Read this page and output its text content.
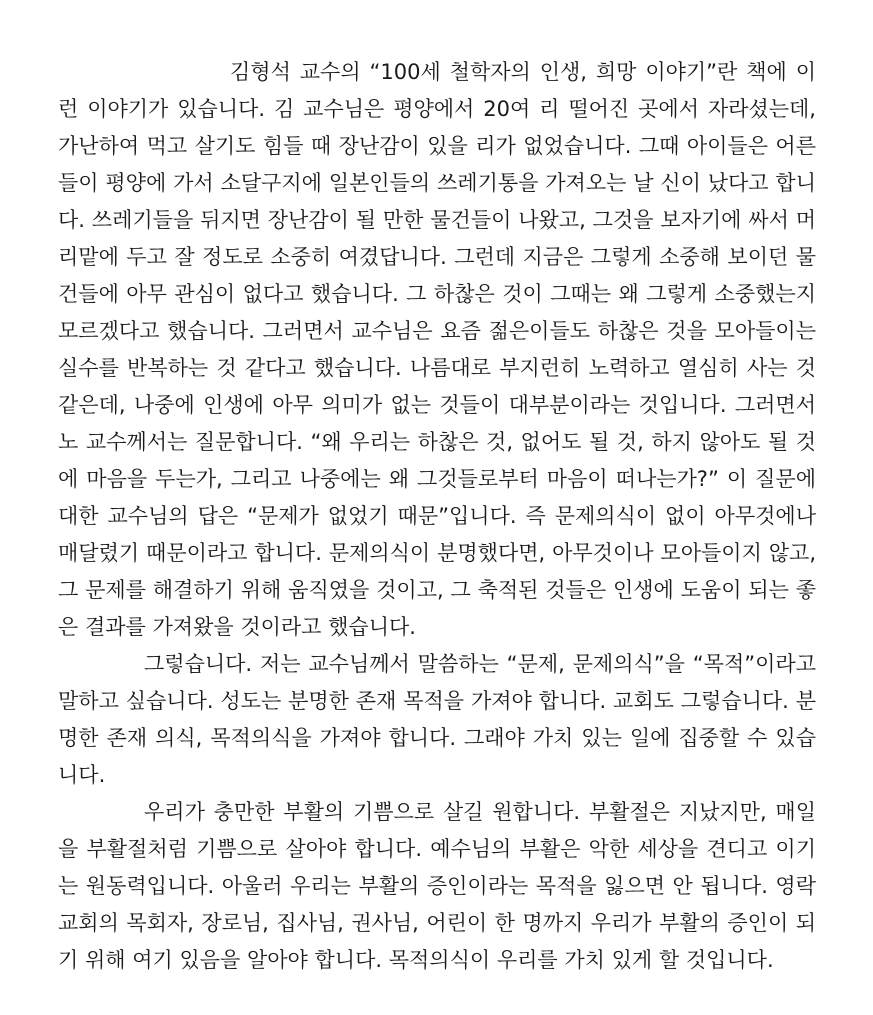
김형석 교수의 “100세 철학자의 인생, 희망 이야기”란 책에 이런 이야기가 있습니다. 김 교수님은 평양에서 20여 리 떨어진 곳에서 자라셨는데, 가난하여 먹고 살기도 힘들 때 장난감이 있을 리가 없었습니다. 그때 아이들은 어른들이 평양에 가서 소달구지에 일본인들의 쓰레기통을 가져오는 날 신이 났다고 합니다. 쓰레기들을 뒤지면 장난감이 될 만한 물건들이 나왔고, 그것을 보자기에 싸서 머리맡에 두고 잘 정도로 소중히 여겼답니다. 그런데 지금은 그렇게 소중해 보이던 물건들에 아무 관심이 없다고 했습니다. 그 하찮은 것이 그때는 왜 그렇게 소중했는지 모르겠다고 했습니다. 그러면서 교수님은 요즘 젊은이들도 하찮은 것을 모아들이는 실수를 반복하는 것 같다고 했습니다. 나름대로 부지런히 노력하고 열심히 사는 것 같은데, 나중에 인생에 아무 의미가 없는 것들이 대부분이라는 것입니다. 그러면서 노 교수께서는 질문합니다. “왜 우리는 하찮은 것, 없어도 될 것, 하지 않아도 될 것에 마음을 두는가, 그리고 나중에는 왜 그것들로부터 마음이 떠나는가?” 이 질문에 대한 교수님의 답은 “문제가 없었기 때문”입니다. 즉 문제의식이 없이 아무것에나 매달렸기 때문이라고 합니다. 문제의식이 분명했다면, 아무것이나 모아들이지 않고, 그 문제를 해결하기 위해 움직였을 것이고, 그 축적된 것들은 인생에 도움이 되는 좋은 결과를 가져왔을 것이라고 했습니다.

그렇습니다. 저는 교수님께서 말씀하는 “문제, 문제의식”을 “목적”이라고 말하고 싶습니다. 성도는 분명한 존재 목적을 가져야 합니다. 교회도 그렇습니다. 분명한 존재 의식, 목적의식을 가져야 합니다. 그래야 가치 있는 일에 집중할 수 있습니다.

우리가 충만한 부활의 기쁨으로 살길 원합니다. 부활절은 지났지만, 매일을 부활절처럼 기쁨으로 살아야 합니다. 예수님의 부활은 악한 세상을 견디고 이기는 원동력입니다. 아울러 우리는 부활의 증인이라는 목적을 잃으면 안 됩니다. 영락교회의 목회자, 장로님, 집사님, 권사님, 어린이 한 명까지 우리가 부활의 증인이 되기 위해 여기 있음을 알아야 합니다. 목적의식이 우리를 가치 있게 할 것입니다.
